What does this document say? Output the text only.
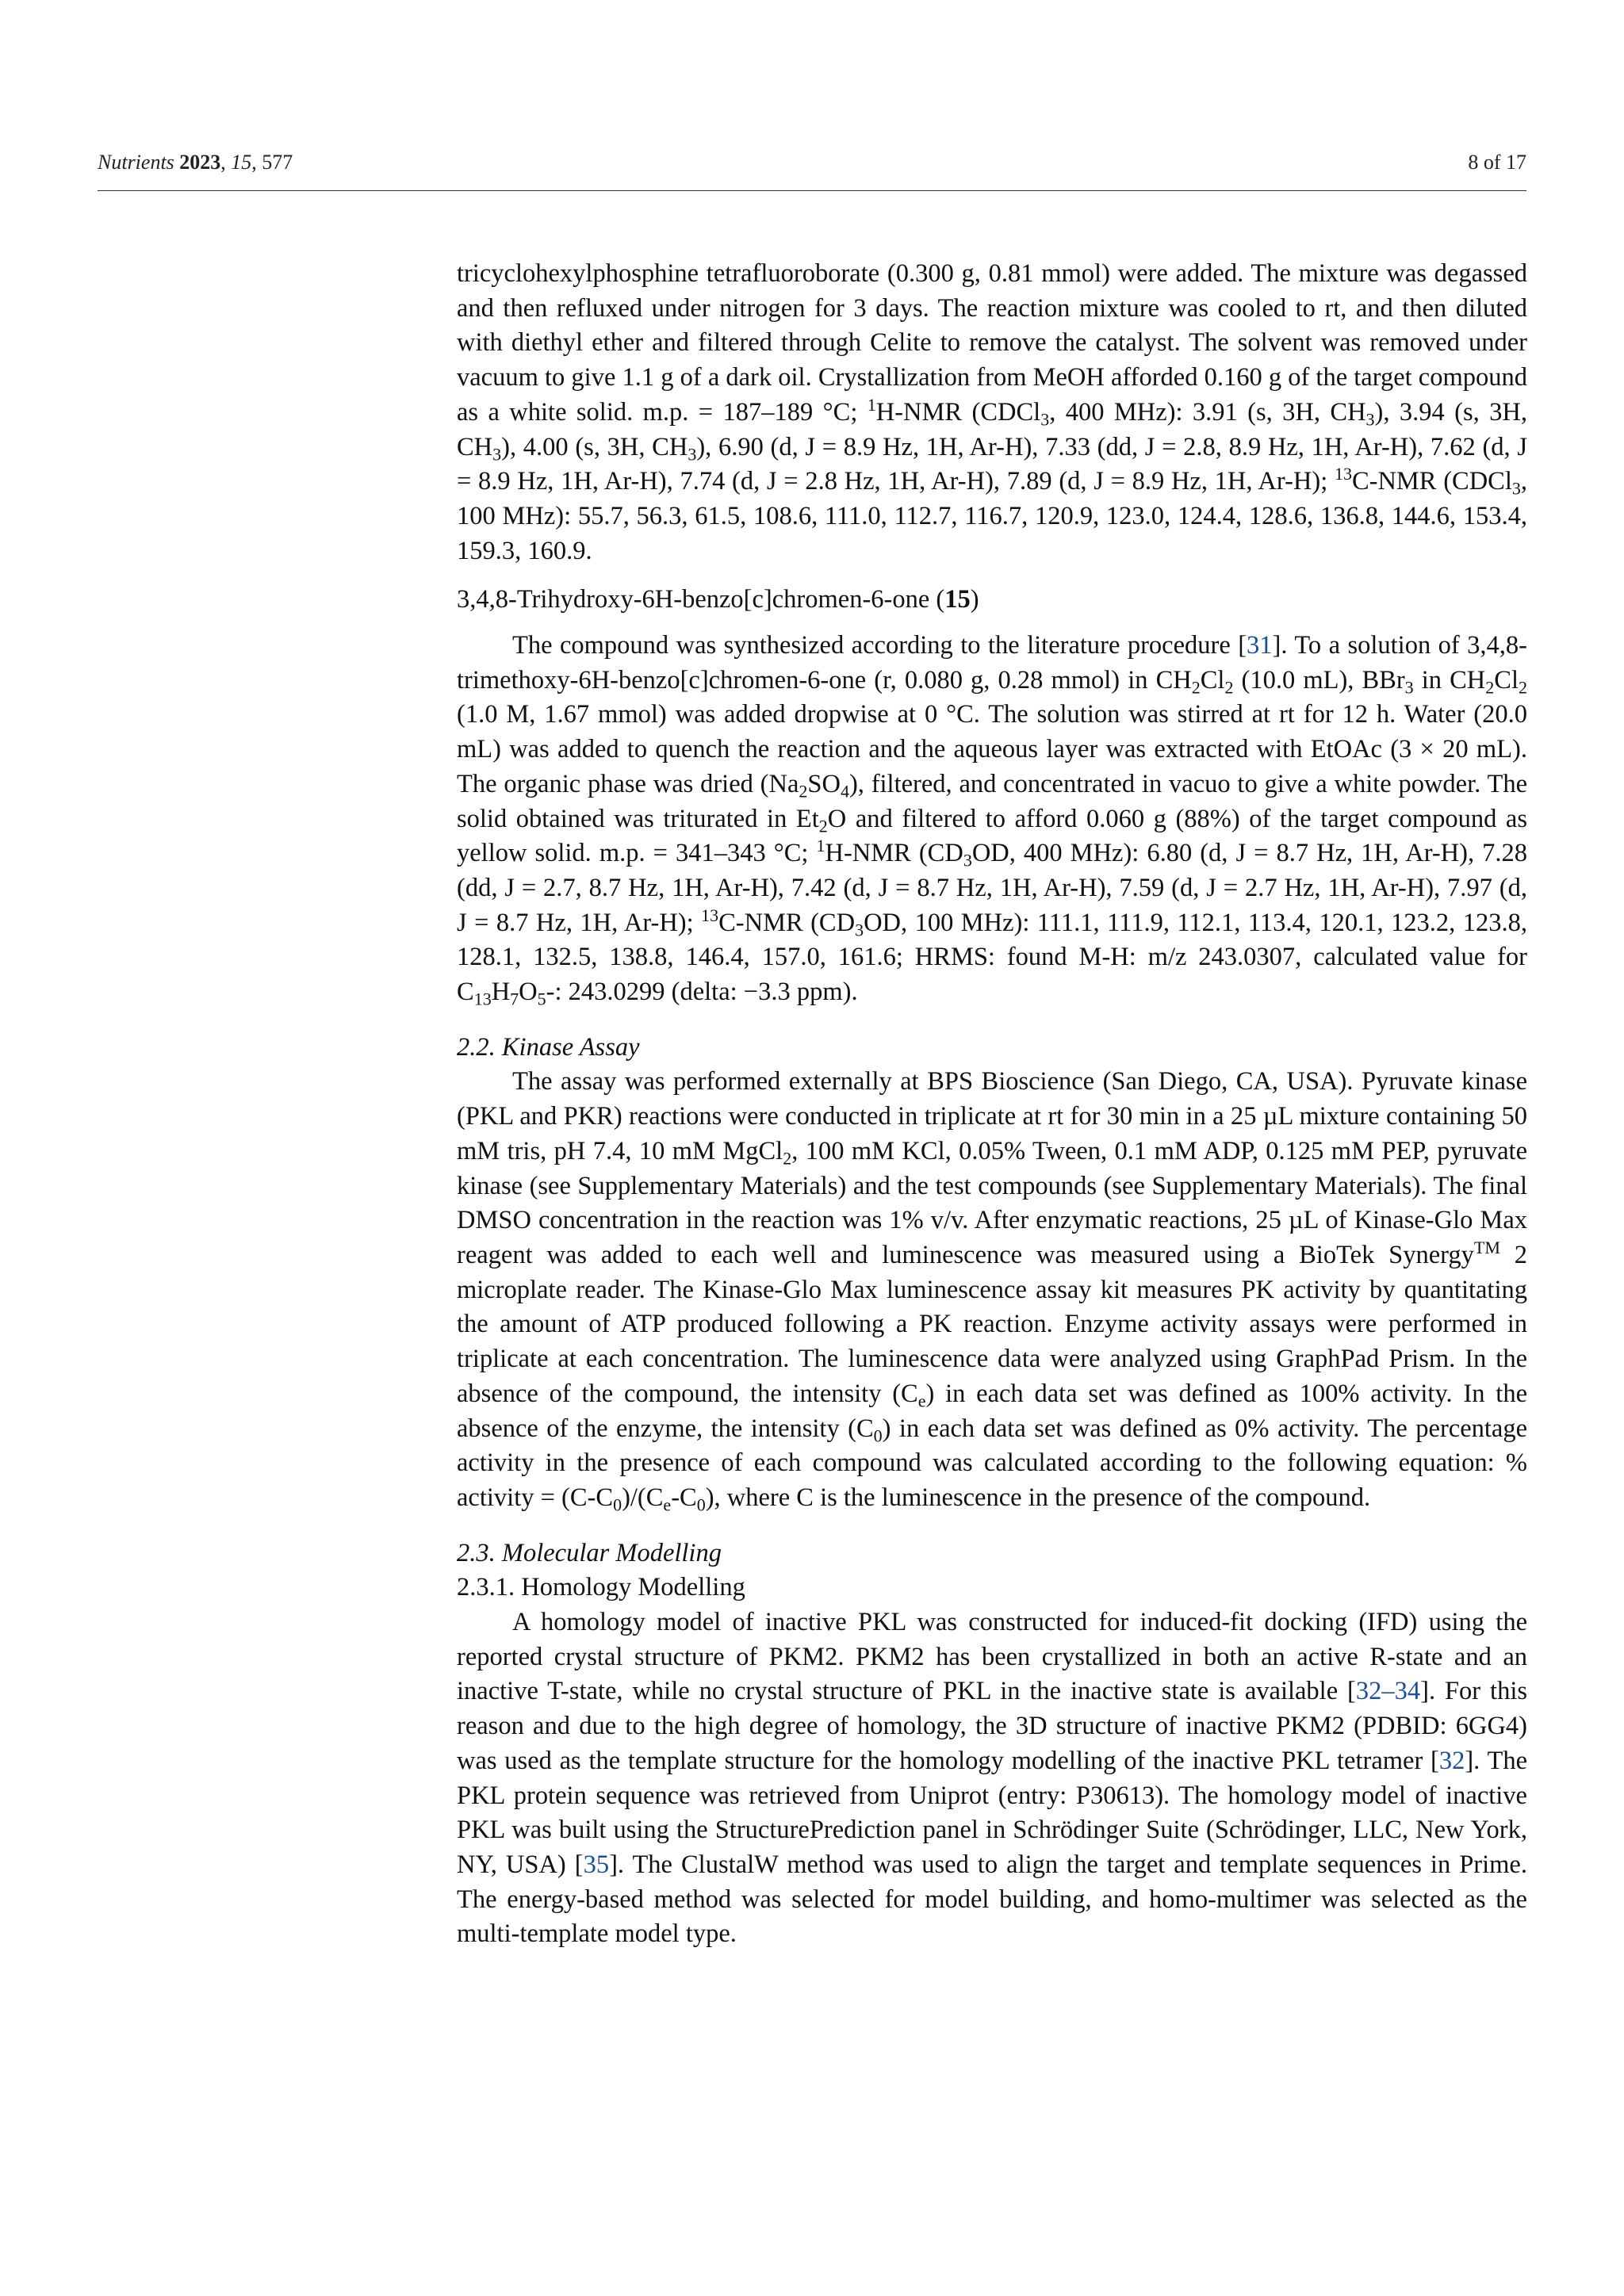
Nutrients 2023, 15, 577	8 of 17

tricyclohexylphosphine tetrafluoroborate (0.300 g, 0.81 mmol) were added. The mixture was degassed and then refluxed under nitrogen for 3 days. The reaction mixture was cooled to rt, and then diluted with diethyl ether and filtered through Celite to remove the catalyst. The solvent was removed under vacuum to give 1.1 g of a dark oil. Crystallization from MeOH afforded 0.160 g of the target compound as a white solid. m.p. = 187–189 °C; $^1$H-NMR (CDCl$_3$, 400 MHz): 3.91 (s, 3H, $CH_3$), 3.94 (s, 3H, $CH_3$), 4.00 (s, 3H, $CH_3$), 6.90 (d, J = 8.9 Hz, 1H, Ar-H), 7.33 (dd, J = 2.8, 8.9 Hz, 1H, Ar-H), 7.62 (d, J = 8.9 Hz, 1H, Ar-H), 7.74 (d, J = 2.8 Hz, 1H, Ar-H), 7.89 (d, J = 8.9 Hz, 1H, Ar-H); $^{13}$C-NMR (CDCl$_3$, 100 MHz): 55.7, 56.3, 61.5, 108.6, 111.0, 112.7, 116.7, 120.9, 123.0, 124.4, 128.6, 136.8, 144.6, 153.4, 159.3, 160.9.

3,4,8-Trihydroxy-6H-benzo[c]chromen-6-one (15)

The compound was synthesized according to the literature procedure [31]. To a solution of 3,4,8-trimethoxy-6H-benzo[c]chromen-6-one (r, 0.080 g, 0.28 mmol) in $CH_2Cl_2$ (10.0 mL), BBr$_3$ in $CH_2Cl_2$ (1.0 M, 1.67 mmol) was added dropwise at 0 °C. The solution was stirred at rt for 12 h. Water (20.0 mL) was added to quench the reaction and the aqueous layer was extracted with EtOAc (3 × 20 mL). The organic phase was dried $(Na_2SO_4)$, filtered, and concentrated in vacuo to give a white powder. The solid obtained was triturated in $Et_2O$ and filtered to afford 0.060 g (88%) of the target compound as yellow solid. m.p. = 341–343 °C; $^1$H-NMR ($CD_3OD$, 400 MHz): 6.80 (d, J = 8.7 Hz, 1H, Ar-H), 7.28 (dd, J = 2.7, 8.7 Hz, 1H, Ar-H), 7.42 (d, J = 8.7 Hz, 1H, Ar-H), 7.59 (d, J = 2.7 Hz, 1H, Ar-H), 7.97 (d, J = 8.7 Hz, 1H, Ar-H); $^{13}$C-NMR ($CD_3OD$, 100 MHz): 111.1, 111.9, 112.1, 113.4, 120.1, 123.2, 123.8, 128.1, 132.5, 138.8, 146.4, 157.0, 161.6; HRMS: found M-H: m/z 243.0307, calculated value for $C_{13}H_7O_5-$: 243.0299 (delta: −3.3 ppm).

2.2. Kinase Assay

The assay was performed externally at BPS Bioscience (San Diego, CA, USA). Pyruvate kinase (PKL and PKR) reactions were conducted in triplicate at rt for 30 min in a 25 µL mixture containing 50 mM tris, pH 7.4, 10 mM MgCl$_2$, 100 mM KCl, 0.05% Tween, 0.1 mM ADP, 0.125 mM PEP, pyruvate kinase (see Supplementary Materials) and the test compounds (see Supplementary Materials). The final DMSO concentration in the reaction was 1% v/v. After enzymatic reactions, 25 µL of Kinase-Glo Max reagent was added to each well and luminescence was measured using a BioTek Synergy™ 2 microplate reader. The Kinase-Glo Max luminescence assay kit measures PK activity by quantitating the amount of ATP produced following a PK reaction. Enzyme activity assays were performed in triplicate at each concentration. The luminescence data were analyzed using GraphPad Prism. In the absence of the compound, the intensity $(C_e)$ in each data set was defined as 100% activity. In the absence of the enzyme, the intensity $(C_0)$ in each data set was defined as 0% activity. The percentage activity in the presence of each compound was calculated according to the following equation: % activity = $(C-C_0)/(C_e-C_0)$, where C is the luminescence in the presence of the compound.

2.3. Molecular Modelling

2.3.1. Homology Modelling

A homology model of inactive PKL was constructed for induced-fit docking (IFD) using the reported crystal structure of PKM2. PKM2 has been crystallized in both an active R-state and an inactive T-state, while no crystal structure of PKL in the inactive state is available [32–34]. For this reason and due to the high degree of homology, the 3D structure of inactive PKM2 (PDBID: 6GG4) was used as the template structure for the homology modelling of the inactive PKL tetramer [32]. The PKL protein sequence was retrieved from Uniprot (entry: P30613). The homology model of inactive PKL was built using the StructurePrediction panel in Schrödinger Suite (Schrödinger, LLC, New York, NY, USA) [35]. The ClustalW method was used to align the target and template sequences in Prime. The energy-based method was selected for model building, and homo-multimer was selected as the multi-template model type.
